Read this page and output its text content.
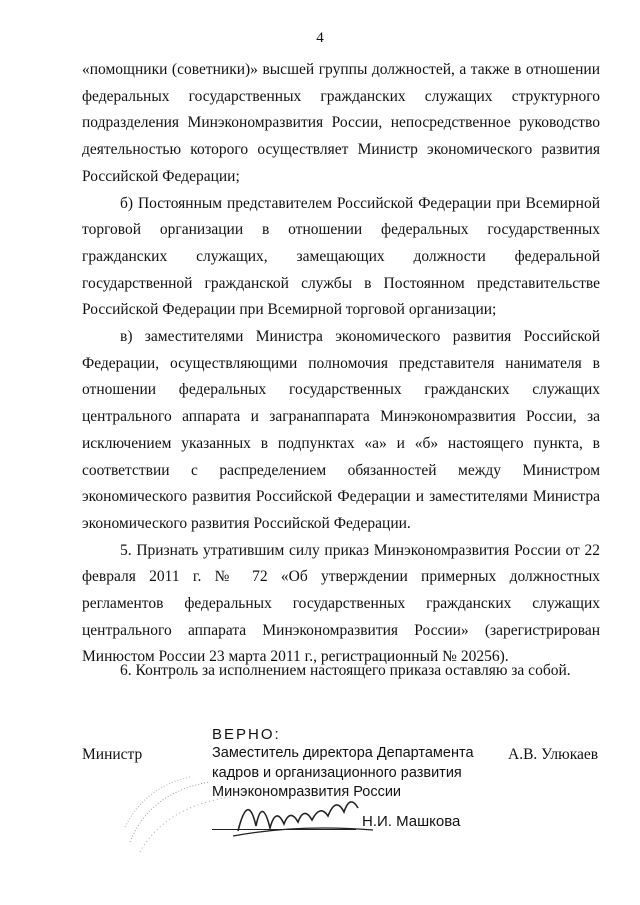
4

«помощники (советники)» высшей группы должностей, а также в отношении федеральных государственных гражданских служащих структурного подразделения Минэкономразвития России, непосредственное руководство деятельностью которого осуществляет Министр экономического развития Российской Федерации;

б) Постоянным представителем Российской Федерации при Всемирной торговой организации в отношении федеральных государственных гражданских служащих, замещающих должности федеральной государственной гражданской службы в Постоянном представительстве Российской Федерации при Всемирной торговой организации;

в) заместителями Министра экономического развития Российской Федерации, осуществляющими полномочия представителя нанимателя в отношении федеральных государственных гражданских служащих центрального аппарата и загранаппарата Минэкономразвития России, за исключением указанных в подпунктах «а» и «б» настоящего пункта, в соответствии с распределением обязанностей между Министром экономического развития Российской Федерации и заместителями Министра экономического развития Российской Федерации.

5. Признать утратившим силу приказ Минэкономразвития России от 22 февраля 2011 г. № 72 «Об утверждении примерных должностных регламентов федеральных государственных гражданских служащих центрального аппарата Минэкономразвития России» (зарегистрирован Минюстом России 23 марта 2011 г., регистрационный № 20256).

6. Контроль за исполнением настоящего приказа оставляю за собой.

ВЕРНО:
Министр	Заместитель директора Департамента
кадров и организационного развития
Минэкономразвития России
А.В. Улюкаев
Н.И. Машкова
